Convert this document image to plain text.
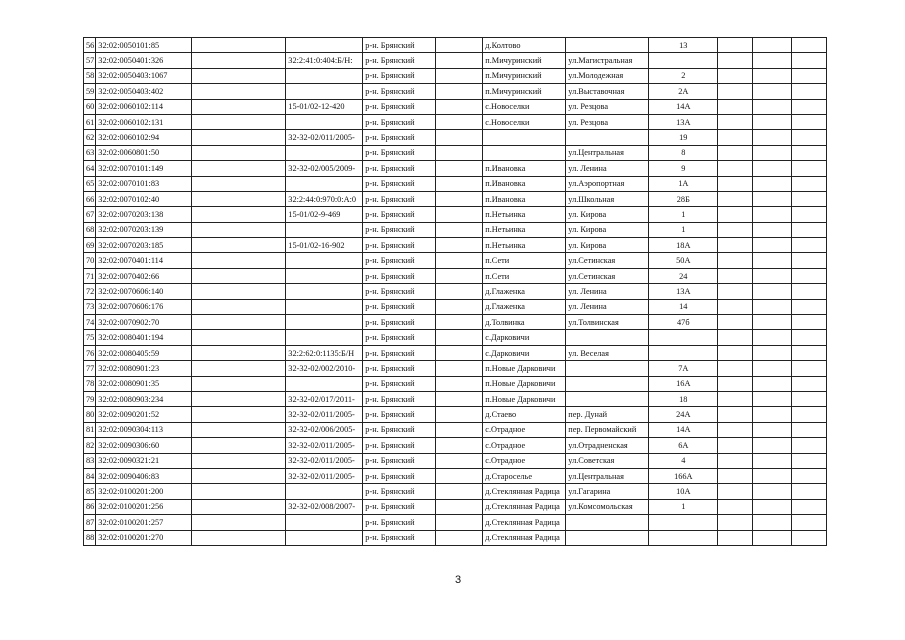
56	32:02:0050101:85			р-н. Брянский		д.Колтово		13			
57	32:02:0050401:326		32:2:41:0:404:Б/Н:	р-н. Брянский		п.Мичуринский	ул.Магистральная				
58	32:02:0050403:1067			р-н. Брянский		п.Мичуринский	ул.Молодежная	2			
59	32:02:0050403:402			р-н. Брянский		п.Мичуринский	ул.Выставочная	2А			
60	32:02:0060102:114		15-01/02-12-420	р-н. Брянский		с.Новоселки	ул. Резцова	14А			
61	32:02:0060102:131			р-н. Брянский		с.Новоселки	ул. Резцова	13А			
62	32:02:0060102:94		32-32-02/011/2005-	р-н. Брянский				19			
63	32:02:0060801:50			р-н. Брянский			ул.Центральная	8			
64	32:02:0070101:149		32-32-02/005/2009-	р-н. Брянский		п.Ивановка	ул. Ленина	9			
65	32:02:0070101:83			р-н. Брянский		п.Ивановка	ул.Аэропортная	1А			
66	32:02:0070102:40		32:2:44:0:970:0:А:0	р-н. Брянский		п.Ивановка	ул.Школьная	28Б			
67	32:02:0070203:138		15-01/02-9-469	р-н. Брянский		п.Нетьинка	ул. Кирова	1			
68	32:02:0070203:139			р-н. Брянский		п.Нетьинка	ул. Кирова	1			
69	32:02:0070203:185		15-01/02-16-902	р-н. Брянский		п.Нетьинка	ул. Кирова	18А			
70	32:02:0070401:114			р-н. Брянский		п.Сети	ул.Сетинская	50А			
71	32:02:0070402:66			р-н. Брянский		п.Сети	ул.Сетинская	24			
72	32:02:0070606:140			р-н. Брянский		д.Глаженка	ул. Ленина	13А			
73	32:02:0070606:176			р-н. Брянский		д.Глаженка	ул. Ленина	14			
74	32:02:0070902:70			р-н. Брянский		д.Толвинка	ул.Толвинская	47б			
75	32:02:0080401:194			р-н. Брянский		с.Дарковичи					
76	32:02:0080405:59		32:2:62:0:1135:Б/Н	р-н. Брянский		с.Дарковичи	ул. Веселая				
77	32:02:0080901:23		32-32-02/002/2010-	р-н. Брянский		п.Новые Дарковичи		7А			
78	32:02:0080901:35			р-н. Брянский		п.Новые Дарковичи		16А			
79	32:02:0080903:234		32-32-02/017/2011-	р-н. Брянский		п.Новые Дарковичи		18			
80	32:02:0090201:52		32-32-02/011/2005-	р-н. Брянский		д.Стаево	пер. Дунай	24А			
81	32:02:0090304:113		32-32-02/006/2005-	р-н. Брянский		с.Отрадное	пер. Первомайский	14А			
82	32:02:0090306:60		32-32-02/011/2005-	р-н. Брянский		с.Отрадное	ул.Отрадненская	6А			
83	32:02:0090321:21		32-32-02/011/2005-	р-н. Брянский		с.Отрадное	ул.Советская	4			
84	32:02:0090406:83		32-32-02/011/2005-	р-н. Брянский		д.Староселье	ул.Центральная	166А			
85	32:02:0100201:200			р-н. Брянский		д.Стеклянная Радица	ул.Гагарина	10А			
86	32:02:0100201:256		32-32-02/008/2007-	р-н. Брянский		д.Стеклянная Радица	ул.Комсомольская	1			
87	32:02:0100201:257			р-н. Брянский		д.Стеклянная Радица					
88	32:02:0100201:270			р-н. Брянский		д.Стеклянная Радица					
3
